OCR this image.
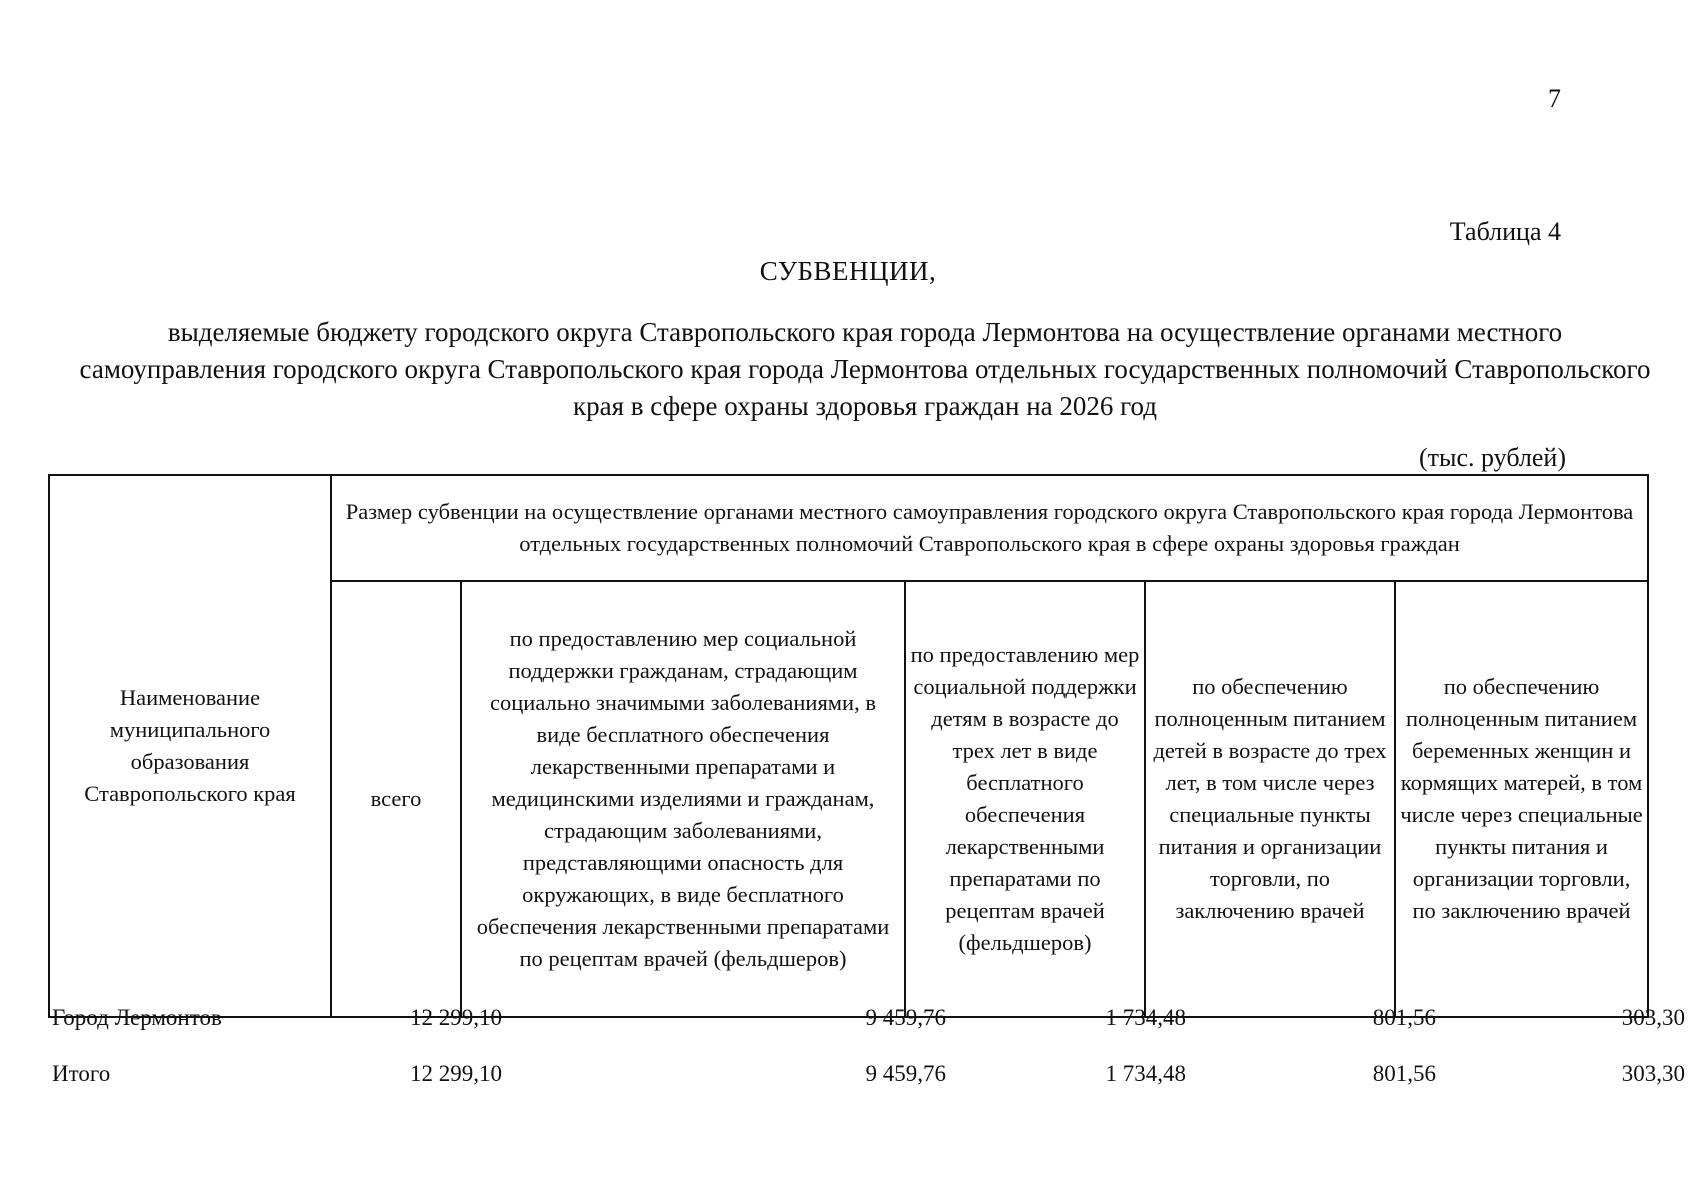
7
Таблица 4
СУБВЕНЦИИ,
выделяемые бюджету городского округа Ставропольского края города Лермонтова на осуществление органами местного самоуправления городского округа Ставропольского края города Лермонтова отдельных государственных полномочий Ставропольского края в сфере охраны здоровья граждан на 2026 год
(тыс. рублей)
Наименование муниципального образования Ставропольского края	Размер субвенции на осуществление органами местного самоуправления городского округа Ставропольского края города Лермонтова отдельных государственных полномочий Ставропольского края в сфере охраны здоровья граждан				
	всего	по предоставлению мер социальной поддержки гражданам, страдающим социально значимыми заболеваниями, в виде бесплатного обеспечения лекарственными препаратами и медицинскими изделиями и гражданам, страдающим заболеваниями, представляющими опасность для окружающих, в виде бесплатного обеспечения лекарственными препаратами по рецептам врачей (фельдшеров)	по предоставлению мер социальной поддержки детям в возрасте до трех лет в виде бесплатного обеспечения лекарственными препаратами по рецептам врачей (фельдшеров)	по обеспечению полноценным питанием детей в возрасте до трех лет, в том числе через специальные пункты питания и организации торговли, по заключению врачей	по обеспечению полноценным питанием беременных женщин и кормящих матерей, в том числе через специальные пункты питания и организации торговли, по заключению врачей
Город Лермонтов	12 299,10	9 459,76	1 734,48	801,56	303,30
Итого	12 299,10	9 459,76	1 734,48	801,56	303,30
